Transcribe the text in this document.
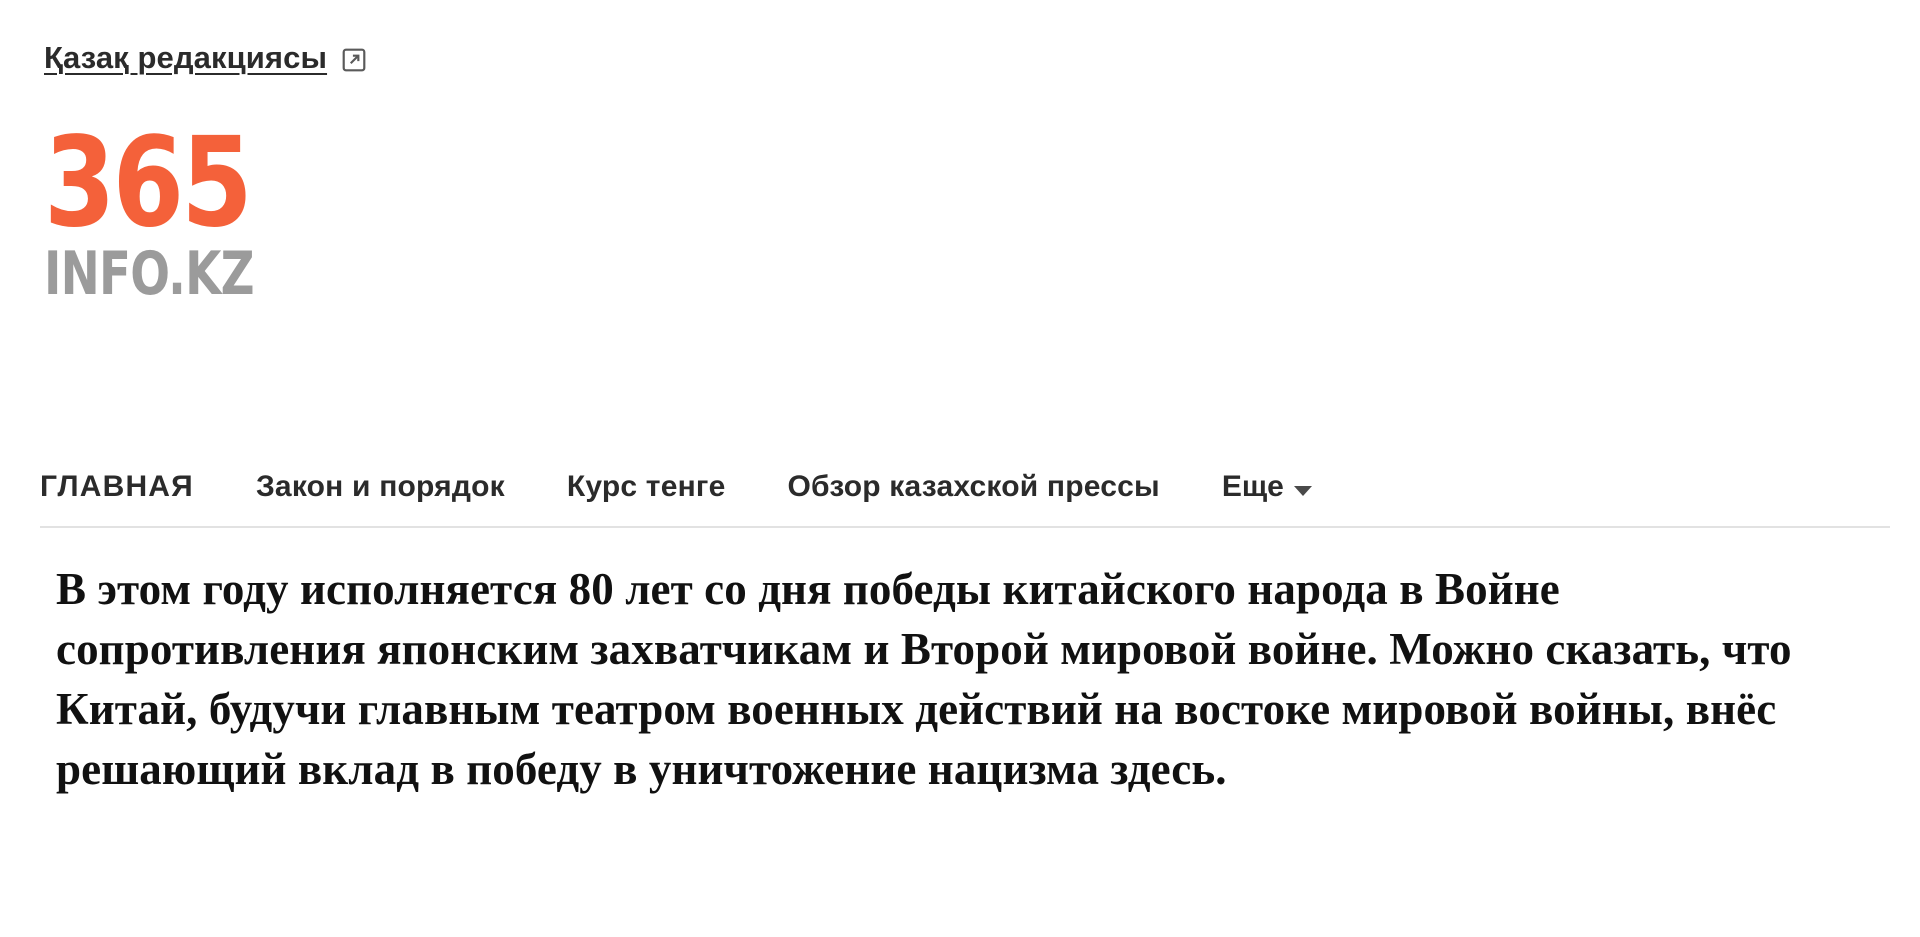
Қазақ редакциясы
365
INFO.KZ
ГЛАВНАЯ Закон и порядок Курс тенге Обзор казахской прессы Еще

В этом году исполняется 80 лет со дня победы китайского народа в Войне сопротивления японским захватчикам и Второй мировой войне. Можно сказать, что Китай, будучи главным театром военных действий на востоке мировой войны, внёс решающий вклад в победу в уничтожение нацизма здесь.
